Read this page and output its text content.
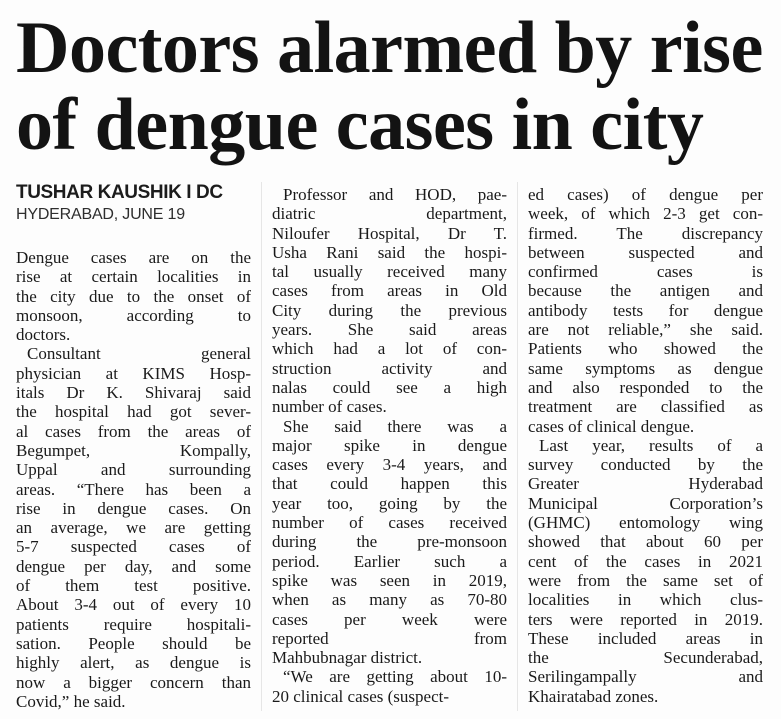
Doctors alarmed by rise
of dengue cases in city
TUSHAR KAUSHIK I DC
HYDERABAD, JUNE 19
Dengue cases are on the
rise at certain localities in
the city due to the onset of
monsoon, according to
doctors.
Consultant general
physician at KIMS Hosp-
itals Dr K. Shivaraj said
the hospital had got sever-
al cases from the areas of
Begumpet, Kompally,
Uppal and surrounding
areas. “There has been a
rise in dengue cases. On
an average, we are getting
5-7 suspected cases of
dengue per day, and some
of them test positive.
About 3-4 out of every 10
patients require hospitali-
sation. People should be
highly alert, as dengue is
now a bigger concern than
Covid,” he said.
Professor and HOD, pae-
diatric department,
Niloufer Hospital, Dr T.
Usha Rani said the hospi-
tal usually received many
cases from areas in Old
City during the previous
years. She said areas
which had a lot of con-
struction activity and
nalas could see a high
number of cases.
She said there was a
major spike in dengue
cases every 3-4 years, and
that could happen this
year too, going by the
number of cases received
during the pre-monsoon
period. Earlier such a
spike was seen in 2019,
when as many as 70-80
cases per week were
reported from
Mahbubnagar district.
“We are getting about 10-
20 clinical cases (suspect-
ed cases) of dengue per
week, of which 2-3 get con-
firmed. The discrepancy
between suspected and
confirmed cases is
because the antigen and
antibody tests for dengue
are not reliable,” she said.
Patients who showed the
same symptoms as dengue
and also responded to the
treatment are classified as
cases of clinical dengue.
Last year, results of a
survey conducted by the
Greater Hyderabad
Municipal Corporation’s
(GHMC) entomology wing
showed that about 60 per
cent of the cases in 2021
were from the same set of
localities in which clus-
ters were reported in 2019.
These included areas in
the Secunderabad,
Serilingampally and
Khairatabad zones.
